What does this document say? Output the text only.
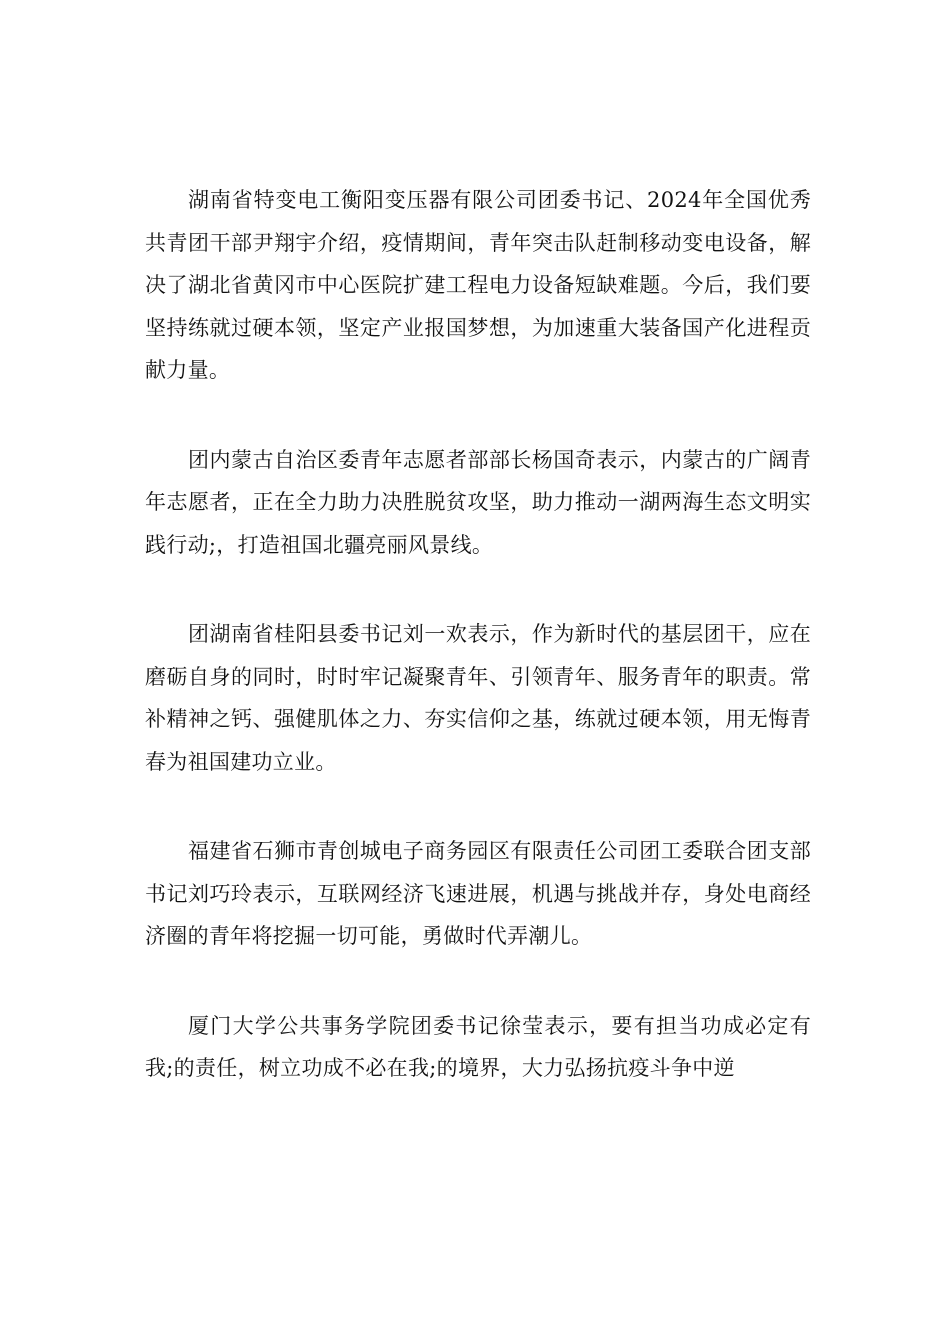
湖南省特变电工衡阳变压器有限公司团委书记、2024年全国优秀共青团干部尹翔宇介绍，疫情期间，青年突击队赶制移动变电设备，解决了湖北省黄冈市中心医院扩建工程电力设备短缺难题。今后，我们要坚持练就过硬本领，坚定产业报国梦想，为加速重大装备国产化进程贡献力量。

团内蒙古自治区委青年志愿者部部长杨国奇表示，内蒙古的广阔青年志愿者，正在全力助力决胜脱贫攻坚，助力推动一湖两海生态文明实践行动;，打造祖国北疆亮丽风景线。

团湖南省桂阳县委书记刘一欢表示，作为新时代的基层团干，应在磨砺自身的同时，时时牢记凝聚青年、引领青年、服务青年的职责。常补精神之钙、强健肌体之力、夯实信仰之基，练就过硬本领，用无悔青春为祖国建功立业。

福建省石狮市青创城电子商务园区有限责任公司团工委联合团支部书记刘巧玲表示，互联网经济飞速进展，机遇与挑战并存，身处电商经济圈的青年将挖掘一切可能，勇做时代弄潮儿。

厦门大学公共事务学院团委书记徐莹表示，要有担当功成必定有我;的责任，树立功成不必在我;的境界，大力弘扬抗疫斗争中逆
